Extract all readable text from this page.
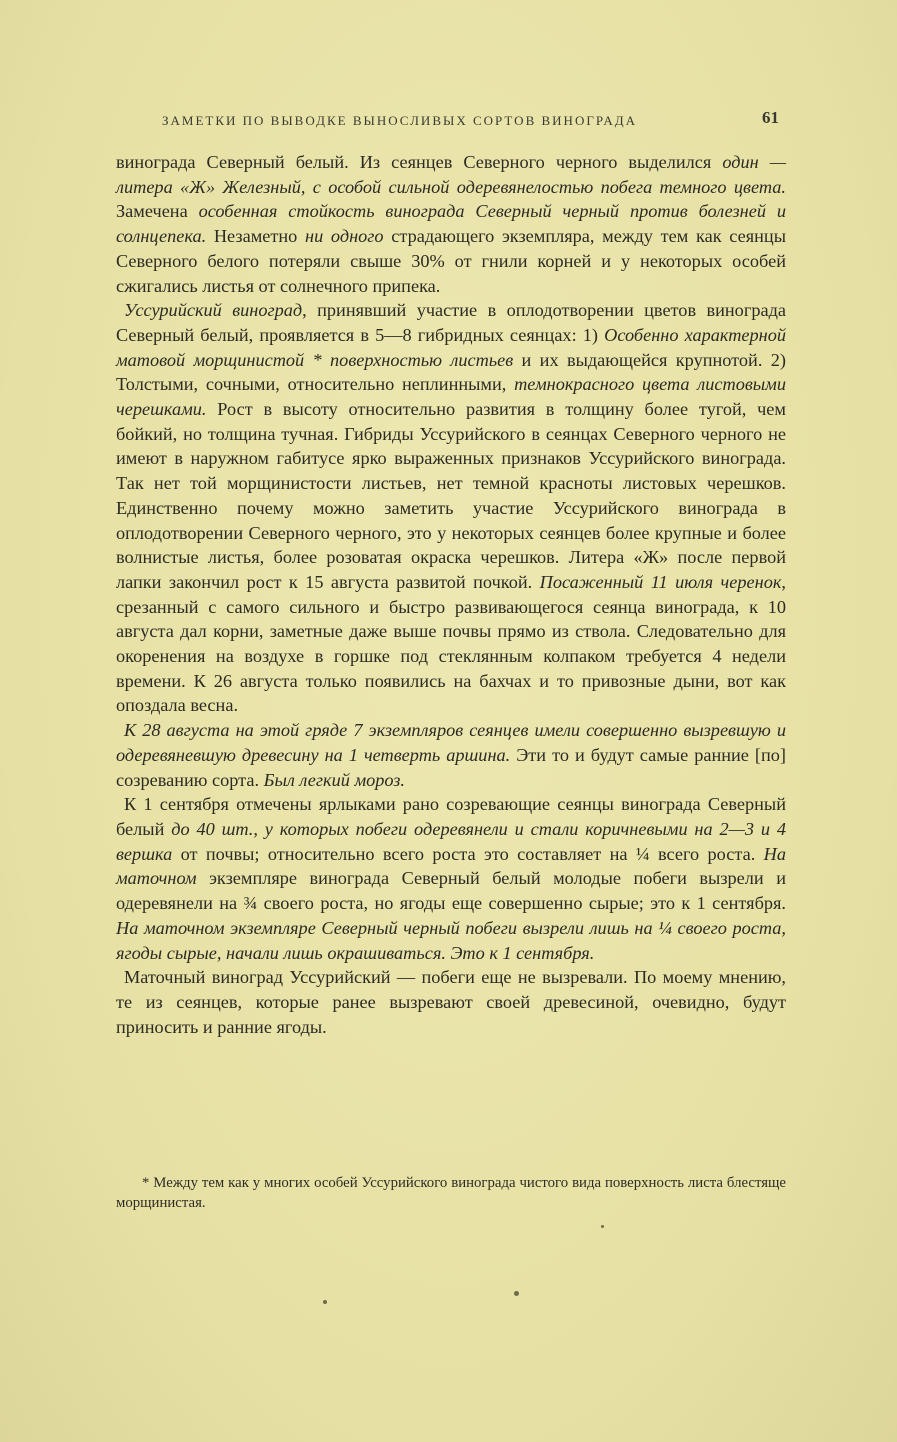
ЗАМЕТКИ ПО ВЫВОДКЕ ВЫНОСЛИВЫХ СОРТОВ ВИНОГРАДА	61

винограда Северный белый. Из сеянцев Северного черного выделился один — литера «Ж» Железный, с особой сильной одеревянелостью побега темного цвета. Замечена особенная стойкость винограда Северный черный против болезней и солнцепека. Незаметно ни одного страдающего экземпляра, между тем как сеянцы Северного белого потеряли свыше 30% от гнили корней и у некоторых особей сжигались листья от солнечного припека.

Уссурийский виноград, принявший участие в оплодотворении цветов винограда Северный белый, проявляется в 5—8 гибридных сеянцах: 1) Особенно характерной матовой морщинистой * поверхностью листьев и их выдающейся крупнотой. 2) Толстыми, сочными, относительно неплинными, темнокрасного цвета листовыми черешками. Рост в высоту относительно развития в толщину более тугой, чем бойкий, но толщина тучная. Гибриды Уссурийского в сеянцах Северного черного не имеют в наружном габитусе ярко выраженных признаков Уссурийского винограда. Так нет той морщинистости листьев, нет темной красноты листовых черешков. Единственно почему можно заметить участие Уссурийского винограда в оплодотворении Северного черного, это у некоторых сеянцев более крупные и более волнистые листья, более розоватая окраска черешков. Литера «Ж» после первой лапки закончил рост к 15 августа развитой почкой. Посаженный 11 июля черенок, срезанный с самого сильного и быстро развивающегося сеянца винограда, к 10 августа дал корни, заметные даже выше почвы прямо из ствола. Следовательно для окоренения на воздухе в горшке под стеклянным колпаком требуется 4 недели времени. К 26 августа только появились на бахчах и то привозные дыни, вот как опоздала весна.

К 28 августа на этой гряде 7 экземпляров сеянцев имели совершенно вызревшую и одеревяневшую древесину на 1 четверть аршина. Эти то и будут самые ранние [по] созреванию сорта. Был легкий мороз.

К 1 сентября отмечены ярлыками рано созревающие сеянцы винограда Северный белый до 40 шт., у которых побеги одеревянели и стали коричневыми на 2—3 и 4 вершка от почвы; относительно всего роста это составляет на ¼ всего роста. На маточном экземпляре винограда Северный белый молодые побеги вызрели и одеревянели на ¾ своего роста, но ягоды еще совершенно сырые; это к 1 сентября. На маточном экземпляре Северный черный побеги вызрели лишь на ¼ своего роста, ягоды сырые, начали лишь окрашиваться. Это к 1 сентября.

Маточный виноград Уссурийский — побеги еще не вызревали. По моему мнению, те из сеянцев, которые ранее вызревают своей древесиной, очевидно, будут приносить и ранние ягоды.

* Между тем как у многих особей Уссурийского винограда чистого вида поверхность листа блестяще морщинистая.
